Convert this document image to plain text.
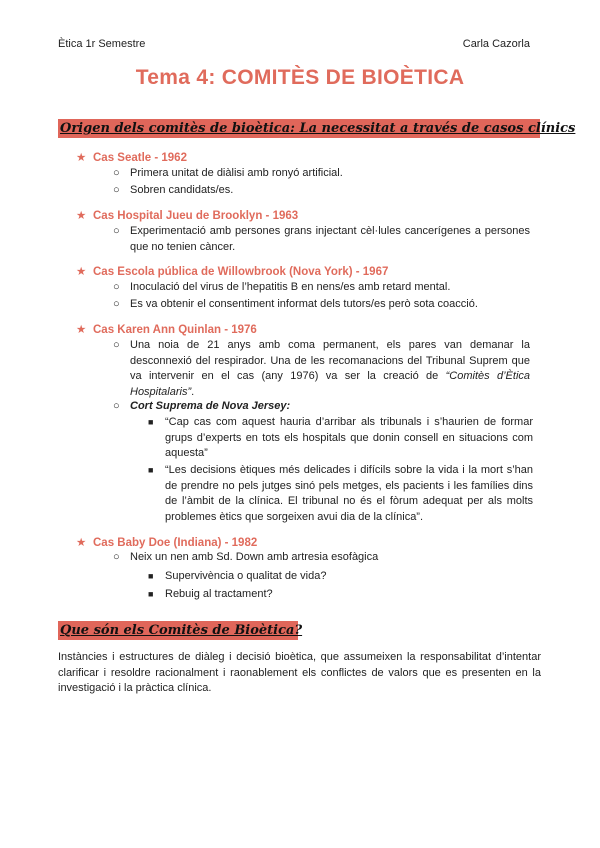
Ètica 1r Semestre	Carla Cazorla
Tema 4: COMITÈS DE BIOÈTICA
Origen dels comitès de bioètica: La necessitat a través de casos clínics
★ Cas Seatle - 1962
○ Primera unitat de diàlisi amb ronyó artificial.
○ Sobren candidats/es.
★ Cas Hospital Jueu de Brooklyn - 1963
○ Experimentació amb persones grans injectant cèl·lules cancerígenes a persones que no tenien càncer.
★ Cas Escola pública de Willowbrook (Nova York) - 1967
○ Inoculació del virus de l’hepatitis B en nens/es amb retard mental.
○ Es va obtenir el consentiment informat dels tutors/es però sota coacció.
★ Cas Karen Ann Quinlan - 1976
○ Una noia de 21 anys amb coma permanent, els pares van demanar la desconnexió del respirador. Una de les recomanacions del Tribunal Suprem que va intervenir en el cas (any 1976) va ser la creació de “Comitès d’Ètica Hospitalaris”.
○ Cort Suprema de Nova Jersey:
■ “Cap cas com aquest hauria d’arribar als tribunals i s’haurien de formar grups d’experts en tots els hospitals que donin consell en situacions com aquesta”
■ “Les decisions ètiques més delicades i difícils sobre la vida i la mort s’han de prendre no pels jutges sinó pels metges, els pacients i les famílies dins de l’àmbit de la clínica. El tribunal no és el fòrum adequat per als molts problemes ètics que sorgeixen avui dia de la clínica”.
★ Cas Baby Doe (Indiana) - 1982
○ Neix un nen amb Sd. Down amb artresia esofàgica
■ Supervivència o qualitat de vida?
■ Rebuig al tractament?
Que són els Comitès de Bioètica?
Instàncies i estructures de diàleg i decisió bioètica, que assumeixen la responsabilitat d’intentar clarificar i resoldre racionalment i raonablement els conflictes de valors que es presenten en la investigació i la pràctica clínica.
